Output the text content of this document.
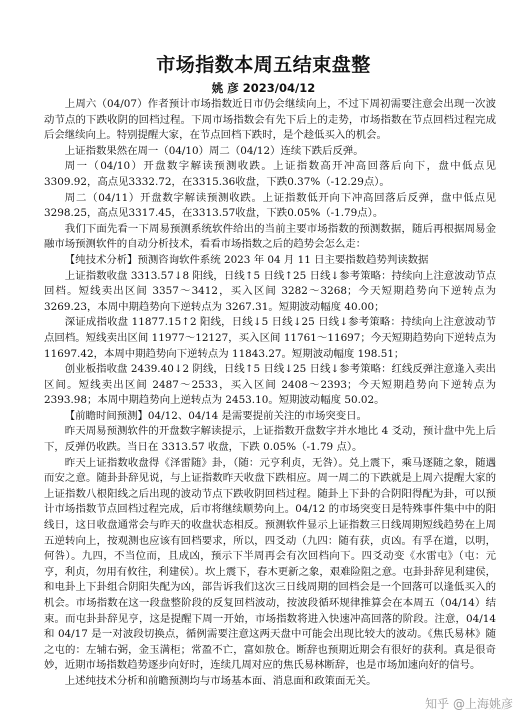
市场指数本周五结束盘整
姚 彦 2023/04/12

上周六（04/07）作者预计市场指数近日市仍会继续向上，不过下周初需要注意会出现一次波动节点的下跌收阴的回档过程。下周市场指数会有先下后上的走势，市场指数在节点回档过程完成后会继续向上。特别提醒大家，在节点回档下跌时，是个趁低买入的机会。

上证指数果然在周一（04/10）周二（04/12）连续下跌后反弹。

周一（04/10）开盘数字解读预测收跌。上证指数高开冲高回落后向下，盘中低点见3309.92，高点见3332.72，在3315.36收盘，下跌0.37%（-12.29点）。

周二（04/11）开盘数字解读预测收跌。上证指数低开向下冲高回落后反弹，盘中低点见3298.25，高点见3317.45，在3313.57收盘，下跌0.05%（-1.79点）。

我们下面先看一下周易预测系统软件给出的当前主要市场指数的预测数据，随后再根据周易金融市场预测软件的自动分析技术，看看市场指数之后的趋势会怎么走：

【纯技术分析】预测咨询软件系统 2023 年 04 月 11 日主要指数趋势判读数据

上证指数收盘 3313.57↓8 阳线，日线↑5 日线↑25 日线↓参考策略：持续向上注意波动节点回档。短线卖出区间 3357～3412，买入区间 3282～3268；今天短期趋势向下逆转点为 3269.23，本周中期趋势向下逆转点为 3267.31。短期波动幅度 40.00；

深证成指收盘 11877.15↑2 阳线，日线↓5 日线↓25 日线↓参考策略：持续向上注意波动节点回档。短线卖出区间 11977～12127，买入区间 11761～11697；今天短期趋势向下逆转点为 11697.42，本周中期趋势向下逆转点为 11843.27。短期波动幅度 198.51；

创业板指收盘 2439.40↓2 阴线，日线↑5 日线↓25 日线↓参考策略：红线反弹注意逢入卖出区间。短线卖出区间 2487～2533，买入区间 2408～2393；今天短期趋势向下逆转点为 2393.98；本周中期趋势向上逆转点为 2453.10。短期波动幅度 50.02。

【前瞻时间预测】04/12、04/14 是需要提前关注的市场突变日。

昨天周易预测软件的开盘数字解读提示，上证指数开盘数字并水地比 4 爻动，预计盘中先上后下，反弹仍收跌。当日在 3313.57 收盘，下跌 0.05%（-1.79 点）。

昨天上证指数收盘得《泽雷随》卦，（随：元亨利贞，无咎）。兑上震下，乘马逐随之象，随遇而安之意。随卦卦辞见说，与上证指数昨天收盘下跌相应。周一周二的下跌就是上周六提醒大家的上证指数八根阳线之后出现的波动节点下跌收阴回档过程。随卦上下卦的合阴阳得配为卦，可以预计市场指数节点回档过程完成，后市将继续顺势向上。04/12 的市场突变日是特殊事件集中中的阳线日，这日收盘通常会与昨天的收盘状态相反。预测软件显示上证指数三日线周期短线趋势在上周五逆转向上，按观测也应该有回档要求，所以，四爻动（九四：随有获，贞凶。有孚在道，以明，何咎）。九四，不当位而，且成凶，预示下半周再会有次回档向下。四爻动变《水雷屯》（屯：元亨，利贞，勿用有攸往，利建侯）。坎上震下，春木更新之象，艰难险阻之意。屯卦卦辞见利建侯，和电卦上下卦组合阴阳失配为凶，部告诉我们这次三日线周期的回档会是一个回落可以逢低买入的机会。市场指数在这一段盘整阶段的反复回档波动，按波段循环规律推算会在本周五（04/14）结束。而屯卦卦辞见亨，这是提醒下周一开始，市场指数将进入快速冲高回落的阶段。注意，04/14 和 04/17 是一对波段切换点，循例需要注意这两天盘中可能会出现比较大的波动。《焦氏易林》随之屯的：左辅右弼，金玉满柜；常盈不亡，富如敖仓。断辞也预期近期会有很好的获利。真是很奇妙，近期市场指数趋势逐步向好时，连续几周对应的焦氏易林断辞，也是市场加速向好的信号。

上述纯技术分析和前瞻预测均与市场基本面、消息面和政策面无关。

知乎 @上海姚彦
